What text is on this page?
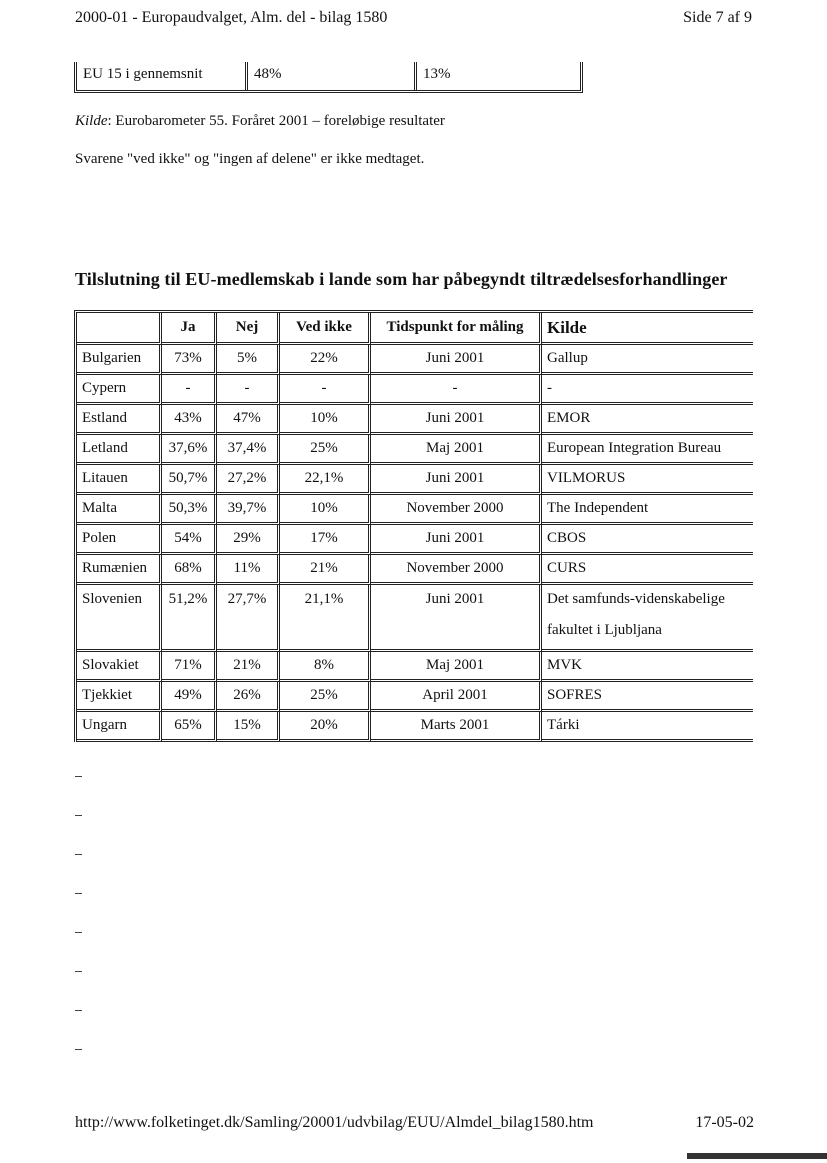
2000-01 - Europaudvalget, Alm. del - bilag 1580	Side 7 af 9
EU 15 i gennemsnit	48%	13%
Kilde: Eurobarometer 55. Foråret 2001 – foreløbige resultater
Svarene "ved ikke" og "ingen af delene" er ikke medtaget.
Tilslutning til EU-medlemskab i lande som har påbegyndt tiltrædelsesforhandlinger
	Ja	Nej	Ved ikke	Tidspunkt for måling	Kilde
Bulgarien	73%	5%	22%	Juni 2001	Gallup

Cypern	-	-	-	-	-

Estland	43%	47%	10%	Juni 2001	EMOR

Letland	37,6%	37,4%	25%	Maj 2001	European Integration Bureau

Litauen	50,7%	27,2%	22,1%	Juni 2001	VILMORUS

Malta	50,3%	39,7%	10%	November 2000	The Independent

Polen	54%	29%	17%	Juni 2001	CBOS

Rumænien	68%	11%	21%	November 2000	CURS

Slovenien	51,2%	27,7%	21,1%	Juni 2001	Det samfunds-videnskabelige
fakultet i Ljubljana

Slovakiet	71%	21%	8%	Maj 2001	MVK

Tjekkiet	49%	26%	25%	April 2001	SOFRES

Ungarn	65%	15%	20%	Marts 2001	Tárki
http://www.folketinget.dk/Samling/20001/udvbilag/EUU/Almdel_bilag1580.htm	17-05-02
